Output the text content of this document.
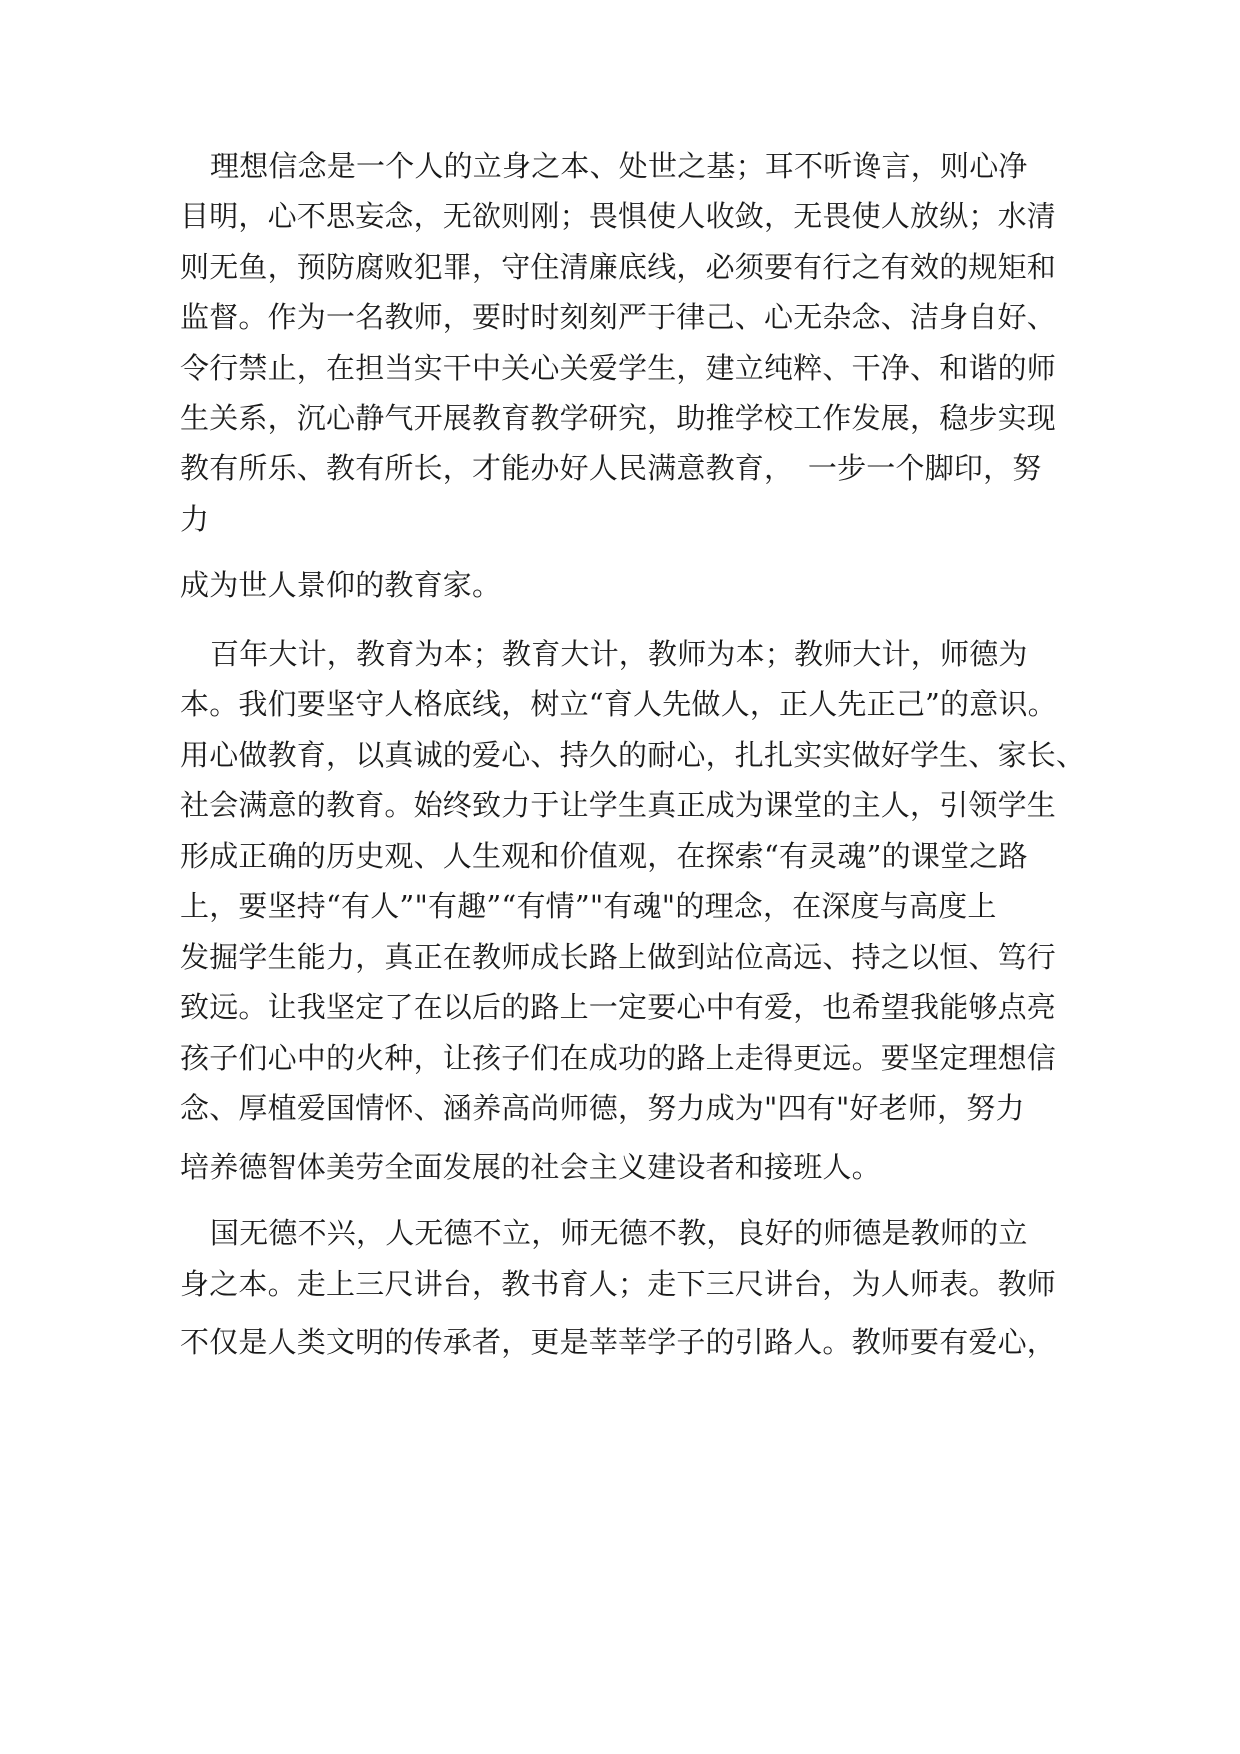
理想信念是一个人的立身之本、处世之基；耳不听谗言，则心净
目明，心不思妄念，无欲则刚；畏惧使人收敛，无畏使人放纵；水清
则无鱼，预防腐败犯罪，守住清廉底线，必须要有行之有效的规矩和
监督。作为一名教师，要时时刻刻严于律己、心无杂念、洁身自好、
令行禁止，在担当实干中关心关爱学生，建立纯粹、干净、和谐的师
生关系，沉心静气开展教育教学研究，助推学校工作发展，稳步实现
教有所乐、教有所长，才能办好人民满意教育，　一步一个脚印，努
力
成为世人景仰的教育家。
百年大计，教育为本；教育大计，教师为本；教师大计，师德为
本。我们要坚守人格底线，树立“育人先做人，正人先正己”的意识。
用心做教育，以真诚的爱心、持久的耐心，扎扎实实做好学生、家长、
社会满意的教育。始终致力于让学生真正成为课堂的主人，引领学生
形成正确的历史观、人生观和价值观，在探索“有灵魂”的课堂之路
上，要坚持“有人”"有趣”“有情”"有魂"的理念，在深度与高度上
发掘学生能力，真正在教师成长路上做到站位高远、持之以恒、笃行
致远。让我坚定了在以后的路上一定要心中有爱，也希望我能够点亮
孩子们心中的火种，让孩子们在成功的路上走得更远。要坚定理想信
念、厚植爱国情怀、涵养高尚师德，努力成为"四有"好老师，努力
培养德智体美劳全面发展的社会主义建设者和接班人。
国无德不兴，人无德不立，师无德不教，良好的师德是教师的立
身之本。走上三尺讲台，教书育人；走下三尺讲台，为人师表。教师
不仅是人类文明的传承者，更是莘莘学子的引路人。教师要有爱心，
